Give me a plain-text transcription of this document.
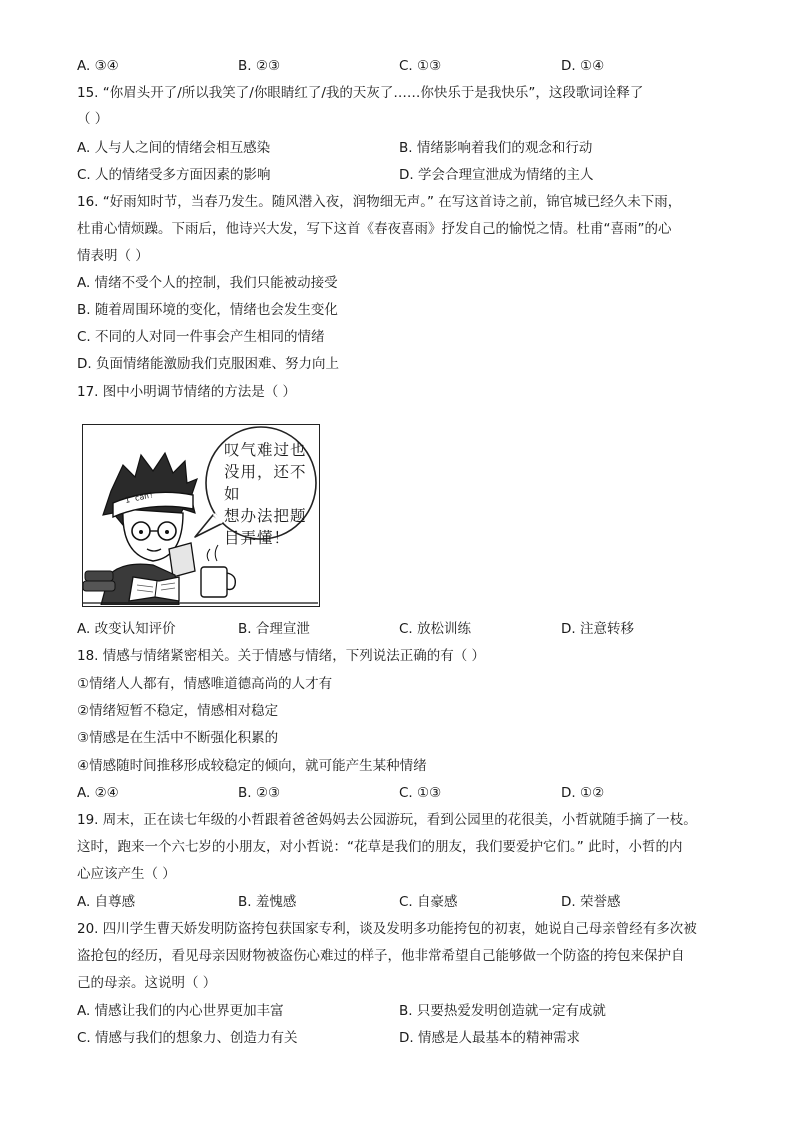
A. ③④	B. ②③	C. ①③	D. ①④
15. “你眉头开了/所以我笑了/你眼睛红了/我的天灰了……你快乐于是我快乐”，这段歌词诠释了
（ ）
A. 人与人之间的情绪会相互感染	B. 情绪影响着我们的观念和行动
C. 人的情绪受多方面因素的影响	D. 学会合理宣泄成为情绪的主人
16. “好雨知时节，当春乃发生。随风潜入夜，润物细无声。” 在写这首诗之前，锦官城已经久未下雨，
杜甫心情烦躁。下雨后，他诗兴大发，写下这首《春夜喜雨》抒发自己的愉悦之情。杜甫“喜雨”的心
情表明（ ）
A. 情绪不受个人的控制，我们只能被动接受
B. 随着周围环境的变化，情绪也会发生变化
C. 不同的人对同一件事会产生相同的情绪
D. 负面情绪能激励我们克服困难、努力向上
17. 图中小明调节情绪的方法是（ ）
I can!
叹气难过也
没用，还不如
想办法把题
目弄懂！
A. 改变认知评价	B. 合理宣泄	C. 放松训练	D. 注意转移
18. 情感与情绪紧密相关。关于情感与情绪，下列说法正确的有（ ）
①情绪人人都有，情感唯道德高尚的人才有
②情绪短暂不稳定，情感相对稳定
③情感是在生活中不断强化积累的
④情感随时间推移形成较稳定的倾向，就可能产生某种情绪
A. ②④	B. ②③	C. ①③	D. ①②
19. 周末，正在读七年级的小哲跟着爸爸妈妈去公园游玩，看到公园里的花很美，小哲就随手摘了一枝。
这时，跑来一个六七岁的小朋友，对小哲说：“花草是我们的朋友，我们要爱护它们。” 此时，小哲的内
心应该产生（ ）
A. 自尊感	B. 羞愧感	C. 自豪感	D. 荣誉感
20. 四川学生曹天娇发明防盗挎包获国家专利，谈及发明多功能挎包的初衷，她说自己母亲曾经有多次被
盗抢包的经历，看见母亲因财物被盗伤心难过的样子，他非常希望自己能够做一个防盗的挎包来保护自
己的母亲。这说明（ ）
A. 情感让我们的内心世界更加丰富	B. 只要热爱发明创造就一定有成就
C. 情感与我们的想象力、创造力有关	D. 情感是人最基本的精神需求
